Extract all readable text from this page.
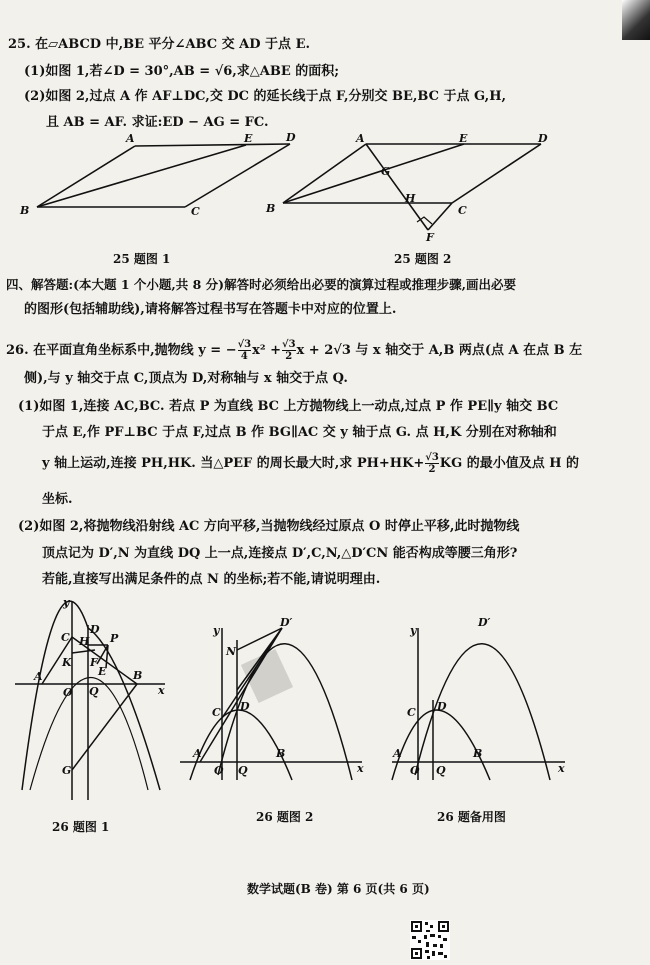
25. 在▱ABCD 中,BE 平分∠ABC 交 AD 于点 E.
(1)如图 1,若∠D = 30°,AB = √6,求△ABE 的面积;
(2)如图 2,过点 A 作 AF⊥DC,交 DC 的延长线于点 F,分别交 BE,BC 于点 G,H,
且 AB = AF. 求证:ED − AG = FC.
A	E	D
B	C
A	E	D
G
H
B	C
F
25 题图 1	25 题图 2
四、解答题:(本大题 1 个小题,共 8 分)解答时必须给出必要的演算过程或推理步骤,画出必要
的图形(包括辅助线),请将解答过程书写在答题卡中对应的位置上.
26. 在平面直角坐标系中,抛物线 y = − $\frac{√3}{4} x^2 + \frac{√3}{2}$ x + 2√3 与 x 轴交于 A,B 两点(点 A 在点 B 左
侧),与 y 轴交于点 C,顶点为 D,对称轴与 x 轴交于点 Q.
(1)如图 1,连接 AC,BC. 若点 P 为直线 BC 上方抛物线上一动点,过点 P 作 PE∥y 轴交 BC
于点 E,作 PF⊥BC 于点 F,过点 B 作 BG∥AC 交 y 轴于点 G. 点 H,K 分别在对称轴和
y 轴上运动,连接 PH,HK. 当△PEF 的周长最大时,求 $PH+HK+ \frac{√3}{2}$ KG 的最小值及点 H 的
坐标.
(2)如图 2,将抛物线沿射线 AC 方向平移,当抛物线经过原点 O 时停止平移,此时抛物线
顶点记为 D′,N 为直线 DQ 上一点,连接点 D′,C,N,△D′CN 能否构成等腰三角形?
若能,直接写出满足条件的点 N 的坐标;若不能,请说明理由.
y
C
D
P
H
K F
E
A	B
O Q	x
G
y
D′
N
C D
A
O Q
B
x
y
D′
C D
A
O Q
B
x
26 题图 1
26 题图 2	26 题备用图
数学试题(B 卷) 第 6 页(共 6 页)
